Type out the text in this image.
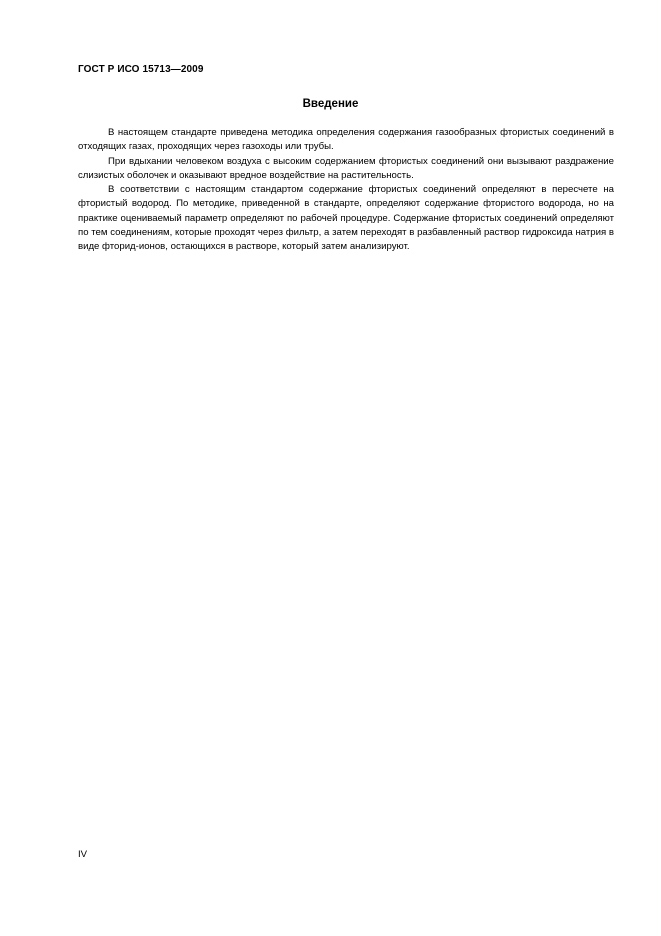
ГОСТ Р ИСО 15713—2009
Введение

В настоящем стандарте приведена методика определения содержания газообразных фтористых соединений в отходящих газах, проходящих через газоходы или трубы.

При вдыхании человеком воздуха с высоким содержанием фтористых соединений они вызывают раздражение слизистых оболочек и оказывают вредное воздействие на растительность.

В соответствии с настоящим стандартом содержание фтористых соединений определяют в пересчете на фтористый водород. По методике, приведенной в стандарте, определяют содержание фтористого водорода, но на практике оцениваемый параметр определяют по рабочей процедуре. Содержание фтористых соединений определяют по тем соединениям, которые проходят через фильтр, а затем переходят в разбавленный раствор гидроксида натрия в виде фторид-ионов, остающихся в растворе, который затем анализируют.

IV
